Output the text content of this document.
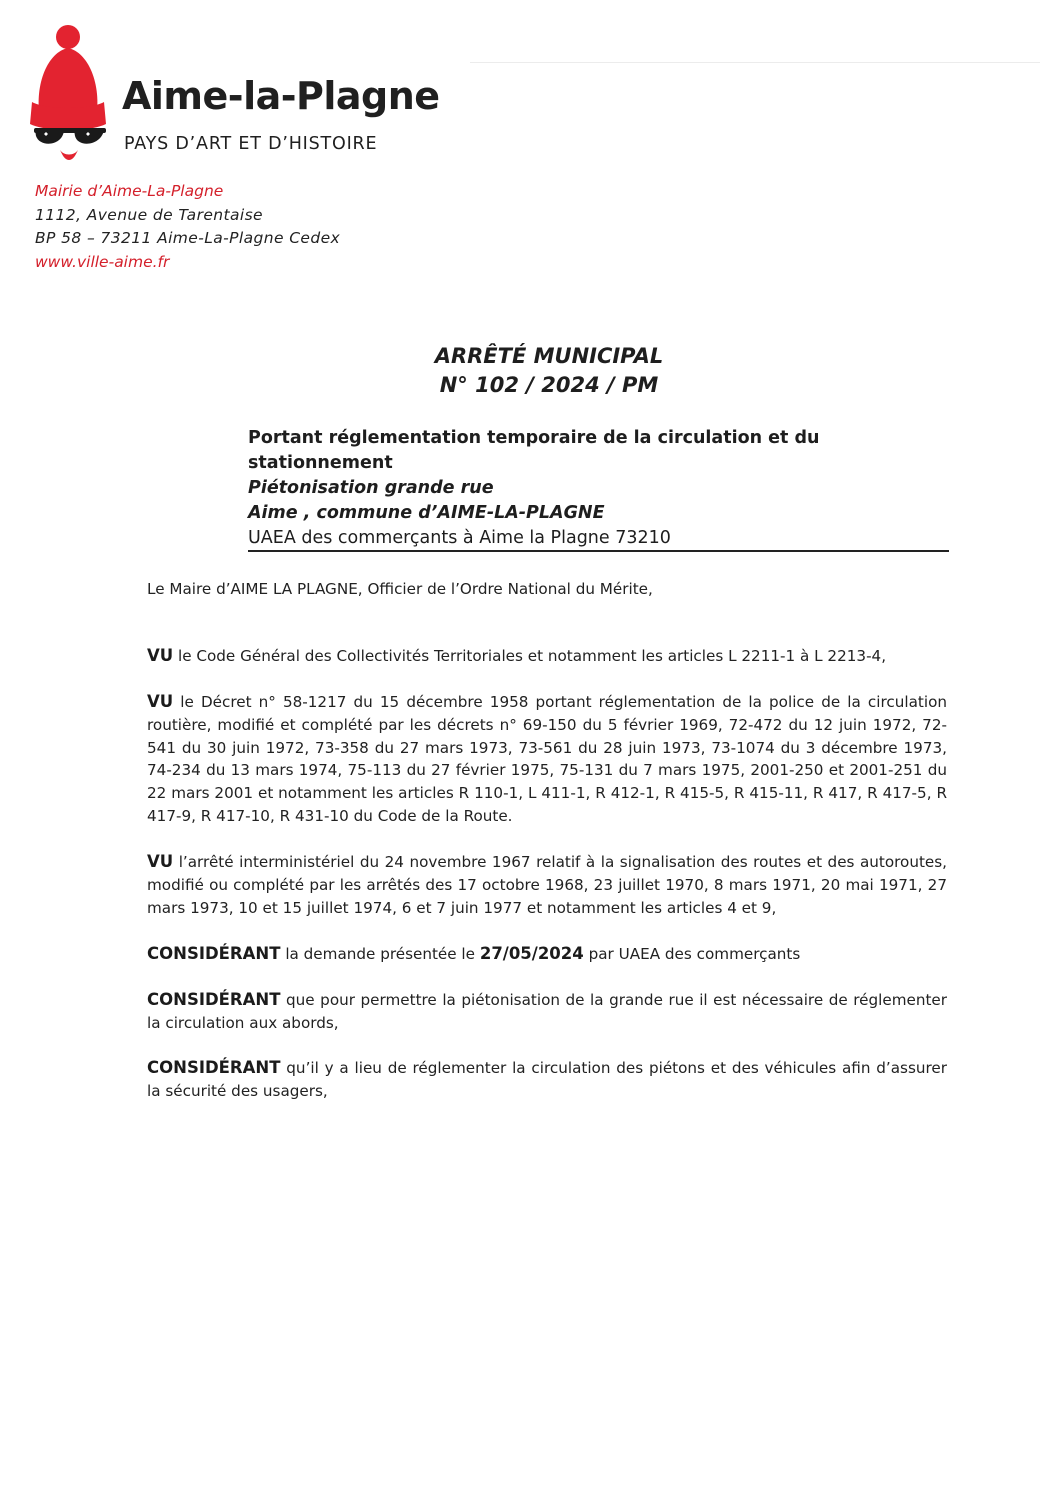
Aime-la-Plagne
PAYS D’ART ET D’HISTOIRE
Mairie d’Aime-La-Plagne
1112, Avenue de Tarentaise
BP 58 – 73211 Aime-La-Plagne Cedex
www.ville-aime.fr
ARRÊTÉ MUNICIPAL
N° 102 / 2024 / PM
Portant réglementation temporaire de la circulation et du stationnement
Piétonisation grande rue
Aime , commune d’AIME-LA-PLAGNE
UAEA des commerçants à Aime la Plagne 73210
Le Maire d’AIME LA PLAGNE, Officier de l’Ordre National du Mérite,
VU le Code Général des Collectivités Territoriales et notamment les articles L 2211-1 à L 2213-4,
VU le Décret n° 58-1217 du 15 décembre 1958 portant réglementation de la police de la circulation routière, modifié et complété par les décrets n° 69-150 du 5 février 1969, 72-472 du 12 juin 1972, 72-541 du 30 juin 1972, 73-358 du 27 mars 1973, 73-561 du 28 juin 1973, 73-1074 du 3 décembre 1973, 74-234 du 13 mars 1974, 75-113 du 27 février 1975, 75-131 du 7 mars 1975, 2001-250 et 2001-251 du 22 mars 2001 et notamment les articles R 110-1, L 411-1, R 412-1, R 415-5, R 415-11, R 417, R 417-5, R 417-9, R 417-10, R 431-10 du Code de la Route.
VU l’arrêté interministériel du 24 novembre 1967 relatif à la signalisation des routes et des autoroutes, modifié ou complété par les arrêtés des 17 octobre 1968, 23 juillet 1970, 8 mars 1971, 20 mai 1971, 27 mars 1973, 10 et 15 juillet 1974, 6 et 7 juin 1977 et notamment les articles 4 et 9,
CONSIDÉRANT la demande présentée le 27/05/2024 par UAEA des commerçants
CONSIDÉRANT que pour permettre la piétonisation de la grande rue il est nécessaire de réglementer la circulation aux abords,
CONSIDÉRANT qu’il y a lieu de réglementer la circulation des piétons et des véhicules afin d’assurer la sécurité des usagers,
